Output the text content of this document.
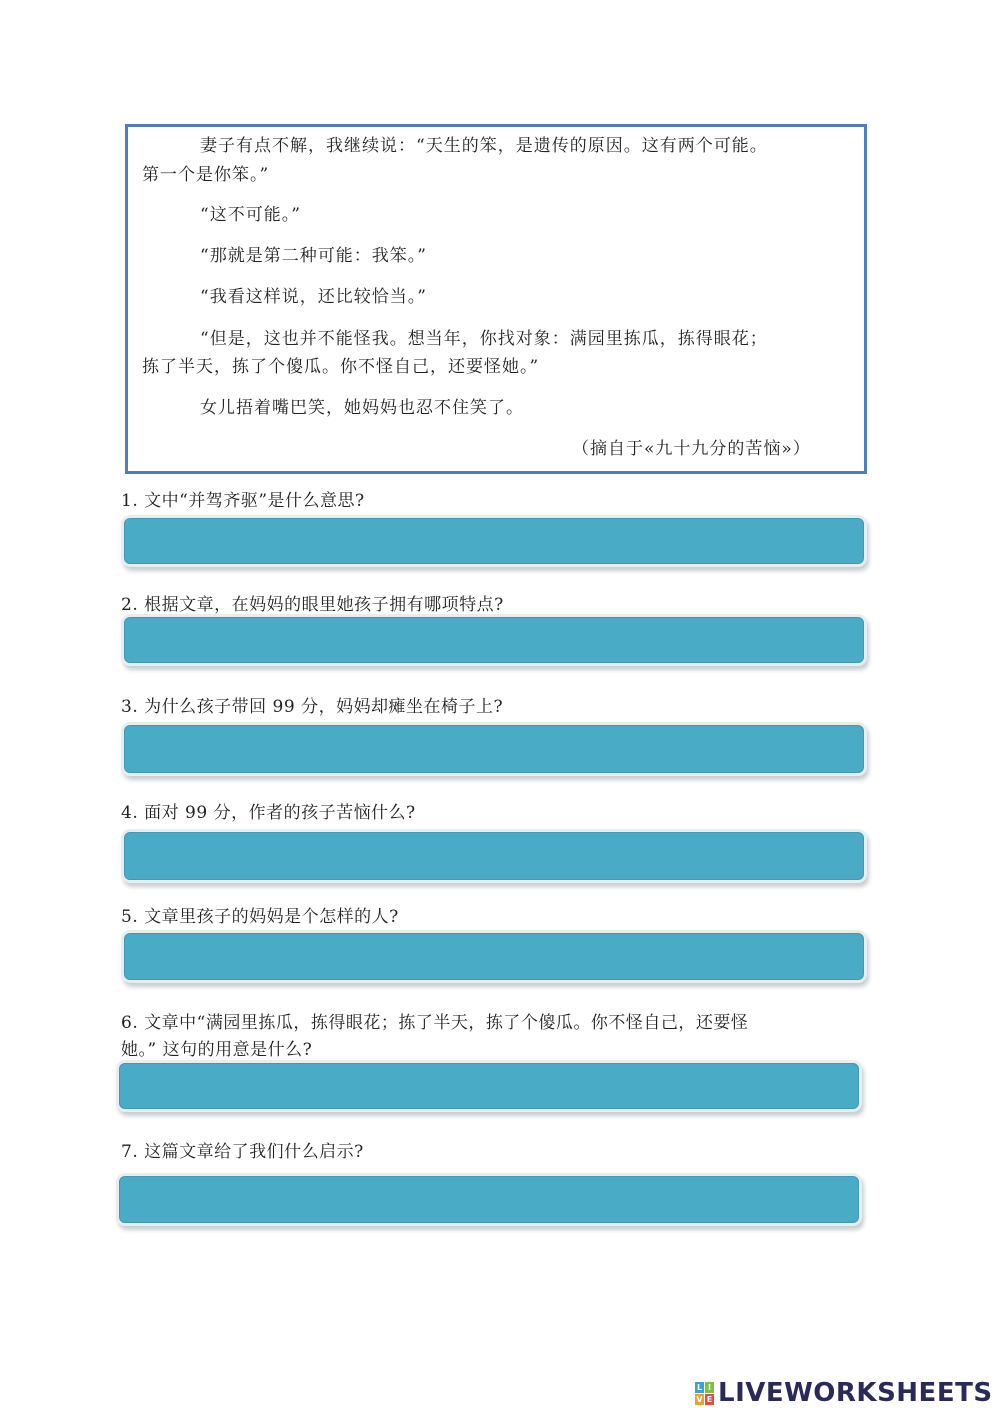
妻子有点不解，我继续说：“天生的笨，是遗传的原因。这有两个可能。
第一个是你笨。”
“这不可能。”
“那就是第二种可能：我笨。”
“我看这样说，还比较恰当。”
“但是，这也并不能怪我。想当年，你找对象：满园里拣瓜，拣得眼花；
拣了半天，拣了个傻瓜。你不怪自己，还要怪她。”
女儿捂着嘴巴笑，她妈妈也忍不住笑了。
（摘自于«九十九分的苦恼»）
1. 文中“并驾齐驱”是什么意思?
2. 根据文章，在妈妈的眼里她孩子拥有哪项特点?
3. 为什么孩子带回 99 分，妈妈却瘫坐在椅子上?
4. 面对 99 分，作者的孩子苦恼什么?
5. 文章里孩子的妈妈是个怎样的人?
6. 文章中“满园里拣瓜，拣得眼花；拣了半天，拣了个傻瓜。你不怪自己，还要怪
她。” 这句的用意是什么?
7. 这篇文章给了我们什么启示?
L I
V E LIVEWORKSHEETS
